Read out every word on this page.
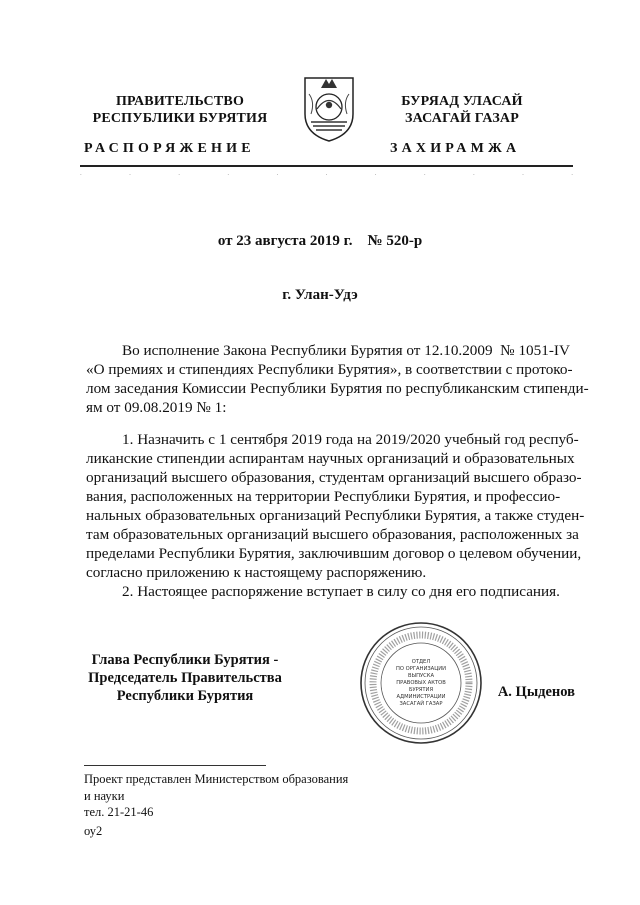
ПРАВИТЕЛЬСТВО
РЕСПУБЛИКИ БУРЯТИЯ
БУРЯАД УЛАСАЙ
ЗАСАГАЙ ГАЗАР
РАСПОРЯЖЕНИЕ	ЗАХИРАМЖА
.	.	.	.	.	.	.	.	.	.	.
от 23 августа 2019 г. № 520-р
г. Улан-Удэ
Во исполнение Закона Республики Бурятия от 12.10.2009  № 1051-IV
«О премиях и стипендиях Республики Бурятия», в соответствии с протоко-
лом заседания Комиссии Республики Бурятия по республиканским стипенди-
ям от 09.08.2019 № 1:
1. Назначить с 1 сентября 2019 года на 2019/2020 учебный год респуб-
ликанские стипендии аспирантам научных организаций и образовательных
организаций высшего образования, студентам организаций высшего образо-
вания, расположенных на территории Республики Бурятия, и профессио-
нальных образовательных организаций Республики Бурятия, а также студен-
там образовательных организаций высшего образования, расположенных за
пределами Республики Бурятия, заключившим договор о целевом обучении,
согласно приложению к настоящему распоряжению.
2. Настоящее распоряжение вступает в силу со дня его подписания.
Глава Республики Бурятия -
Председатель Правительства
Республики Бурятия
ОТДЕЛ
ПО ОРГАНИЗАЦИИ
ВЫПУСКА
ПРАВОВЫХ АКТОВ
БУРЯТИЯ
АДМИНИСТРАЦИИ
ЗАСАГАЙ ГАЗАР
А. Цыденов
Проект представлен Министерством образования
и науки
тел. 21-21-46
оу2
